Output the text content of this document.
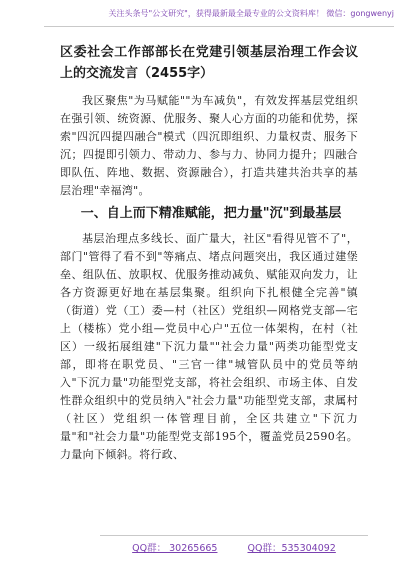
关注头条号"公文研究"，获得最新最全最专业的公文资料库！ 微信：gongwenyj
区委社会工作部部长在党建引领基层治理工作会议上的交流发言（2455字）

我区聚焦"为马赋能""为车减负"，有效发挥基层党组织在强引领、统资源、优服务、聚人心方面的功能和优势，探索"四沉四提四融合"模式（四沉即组织、力量权责、服务下沉；四提即引领力、带动力、参与力、协同力提升；四融合即队伍、阵地、数据、资源融合），打造共建共治共享的基层治理"幸福湾"。

一、自上而下精准赋能，把力量"沉"到最基层

基层治理点多线长、面广量大，社区"看得见管不了"，部门"管得了看不到"等痛点、堵点问题突出，我区通过建堡垒、组队伍、放职权、优服务推动减负、赋能双向发力，让各方资源更好地在基层集聚。组织向下扎根健全完善"镇（街道）党（工）委—村（社区）党组织—网格党支部—宅上（楼栋）党小组—党员中心户"五位一体架构，在村（社区）一级拓展组建"下沉力量""社会力量"两类功能型党支部，即将在职党员、"三官一律"城管队员中的党员等纳入"下沉力量"功能型党支部，将社会组织、市场主体、自发性群众组织中的党员纳入"社会力量"功能型党支部，隶属村（社区）党组织一体管理目前，全区共建立"下沉力量"和"社会力量"功能型党支部195个，覆盖党员2590名。力量向下倾斜。将行政、

QQ群： 30265665	QQ群：535304092
